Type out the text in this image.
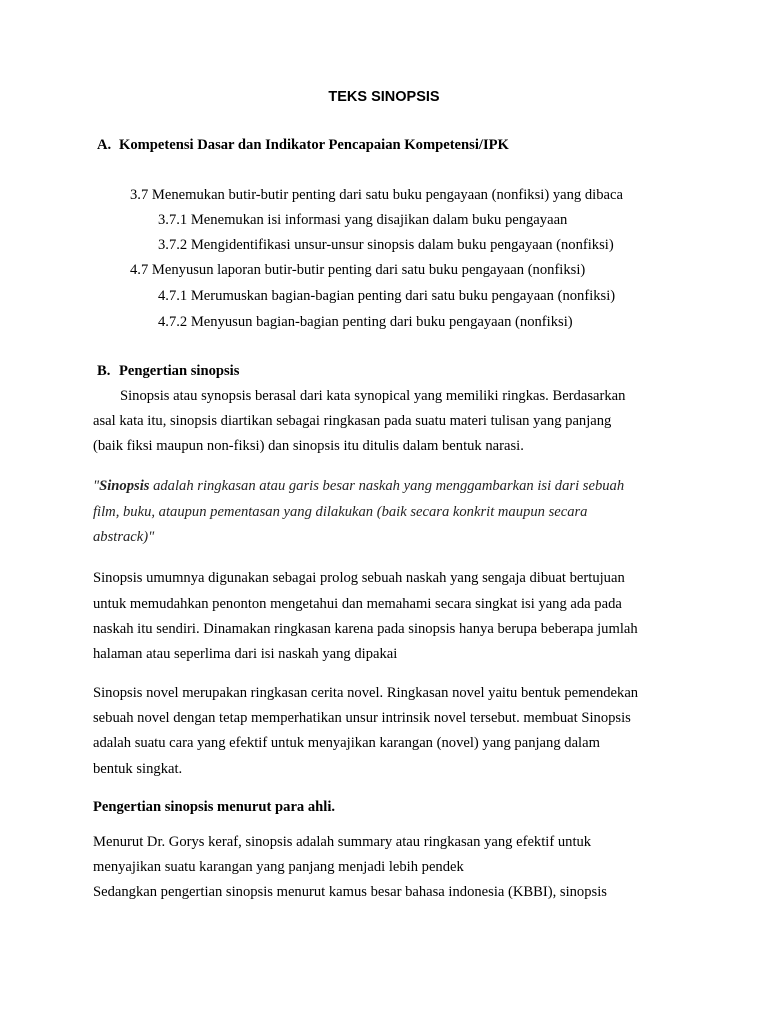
TEKS SINOPSIS
A. Kompetensi Dasar dan Indikator Pencapaian Kompetensi/IPK
3.7 Menemukan butir-butir penting dari satu buku pengayaan (nonfiksi) yang dibaca
3.7.1 Menemukan isi informasi yang disajikan dalam buku pengayaan
3.7.2 Mengidentifikasi unsur-unsur sinopsis dalam buku pengayaan (nonfiksi)
4.7 Menyusun laporan butir-butir penting dari satu buku pengayaan (nonfiksi)
4.7.1 Merumuskan bagian-bagian penting dari satu buku pengayaan (nonfiksi)
4.7.2 Menyusun bagian-bagian penting dari buku pengayaan (nonfiksi)
B. Pengertian sinopsis
Sinopsis atau synopsis berasal dari kata synopical yang memiliki ringkas. Berdasarkan
asal kata itu, sinopsis diartikan sebagai ringkasan pada suatu materi tulisan yang panjang
(baik fiksi maupun non-fiksi) dan sinopsis itu ditulis dalam bentuk narasi.
"Sinopsis adalah ringkasan atau garis besar naskah yang menggambarkan isi dari sebuah
film, buku, ataupun pementasan yang dilakukan (baik secara konkrit maupun secara
abstrack)"
Sinopsis umumnya digunakan sebagai prolog sebuah naskah yang sengaja dibuat bertujuan
untuk memudahkan penonton mengetahui dan memahami secara singkat isi yang ada pada
naskah itu sendiri. Dinamakan ringkasan karena pada sinopsis hanya berupa beberapa jumlah
halaman atau seperlima dari isi naskah yang dipakai
Sinopsis novel merupakan ringkasan cerita novel. Ringkasan novel yaitu bentuk pemendekan
sebuah novel dengan tetap memperhatikan unsur intrinsik novel tersebut. membuat Sinopsis
adalah suatu cara yang efektif untuk menyajikan karangan (novel) yang panjang dalam
bentuk singkat.
Pengertian sinopsis menurut para ahli.
Menurut Dr. Gorys keraf, sinopsis adalah summary atau ringkasan yang efektif untuk
menyajikan suatu karangan yang panjang menjadi lebih pendek
Sedangkan pengertian sinopsis menurut kamus besar bahasa indonesia (KBBI), sinopsis
